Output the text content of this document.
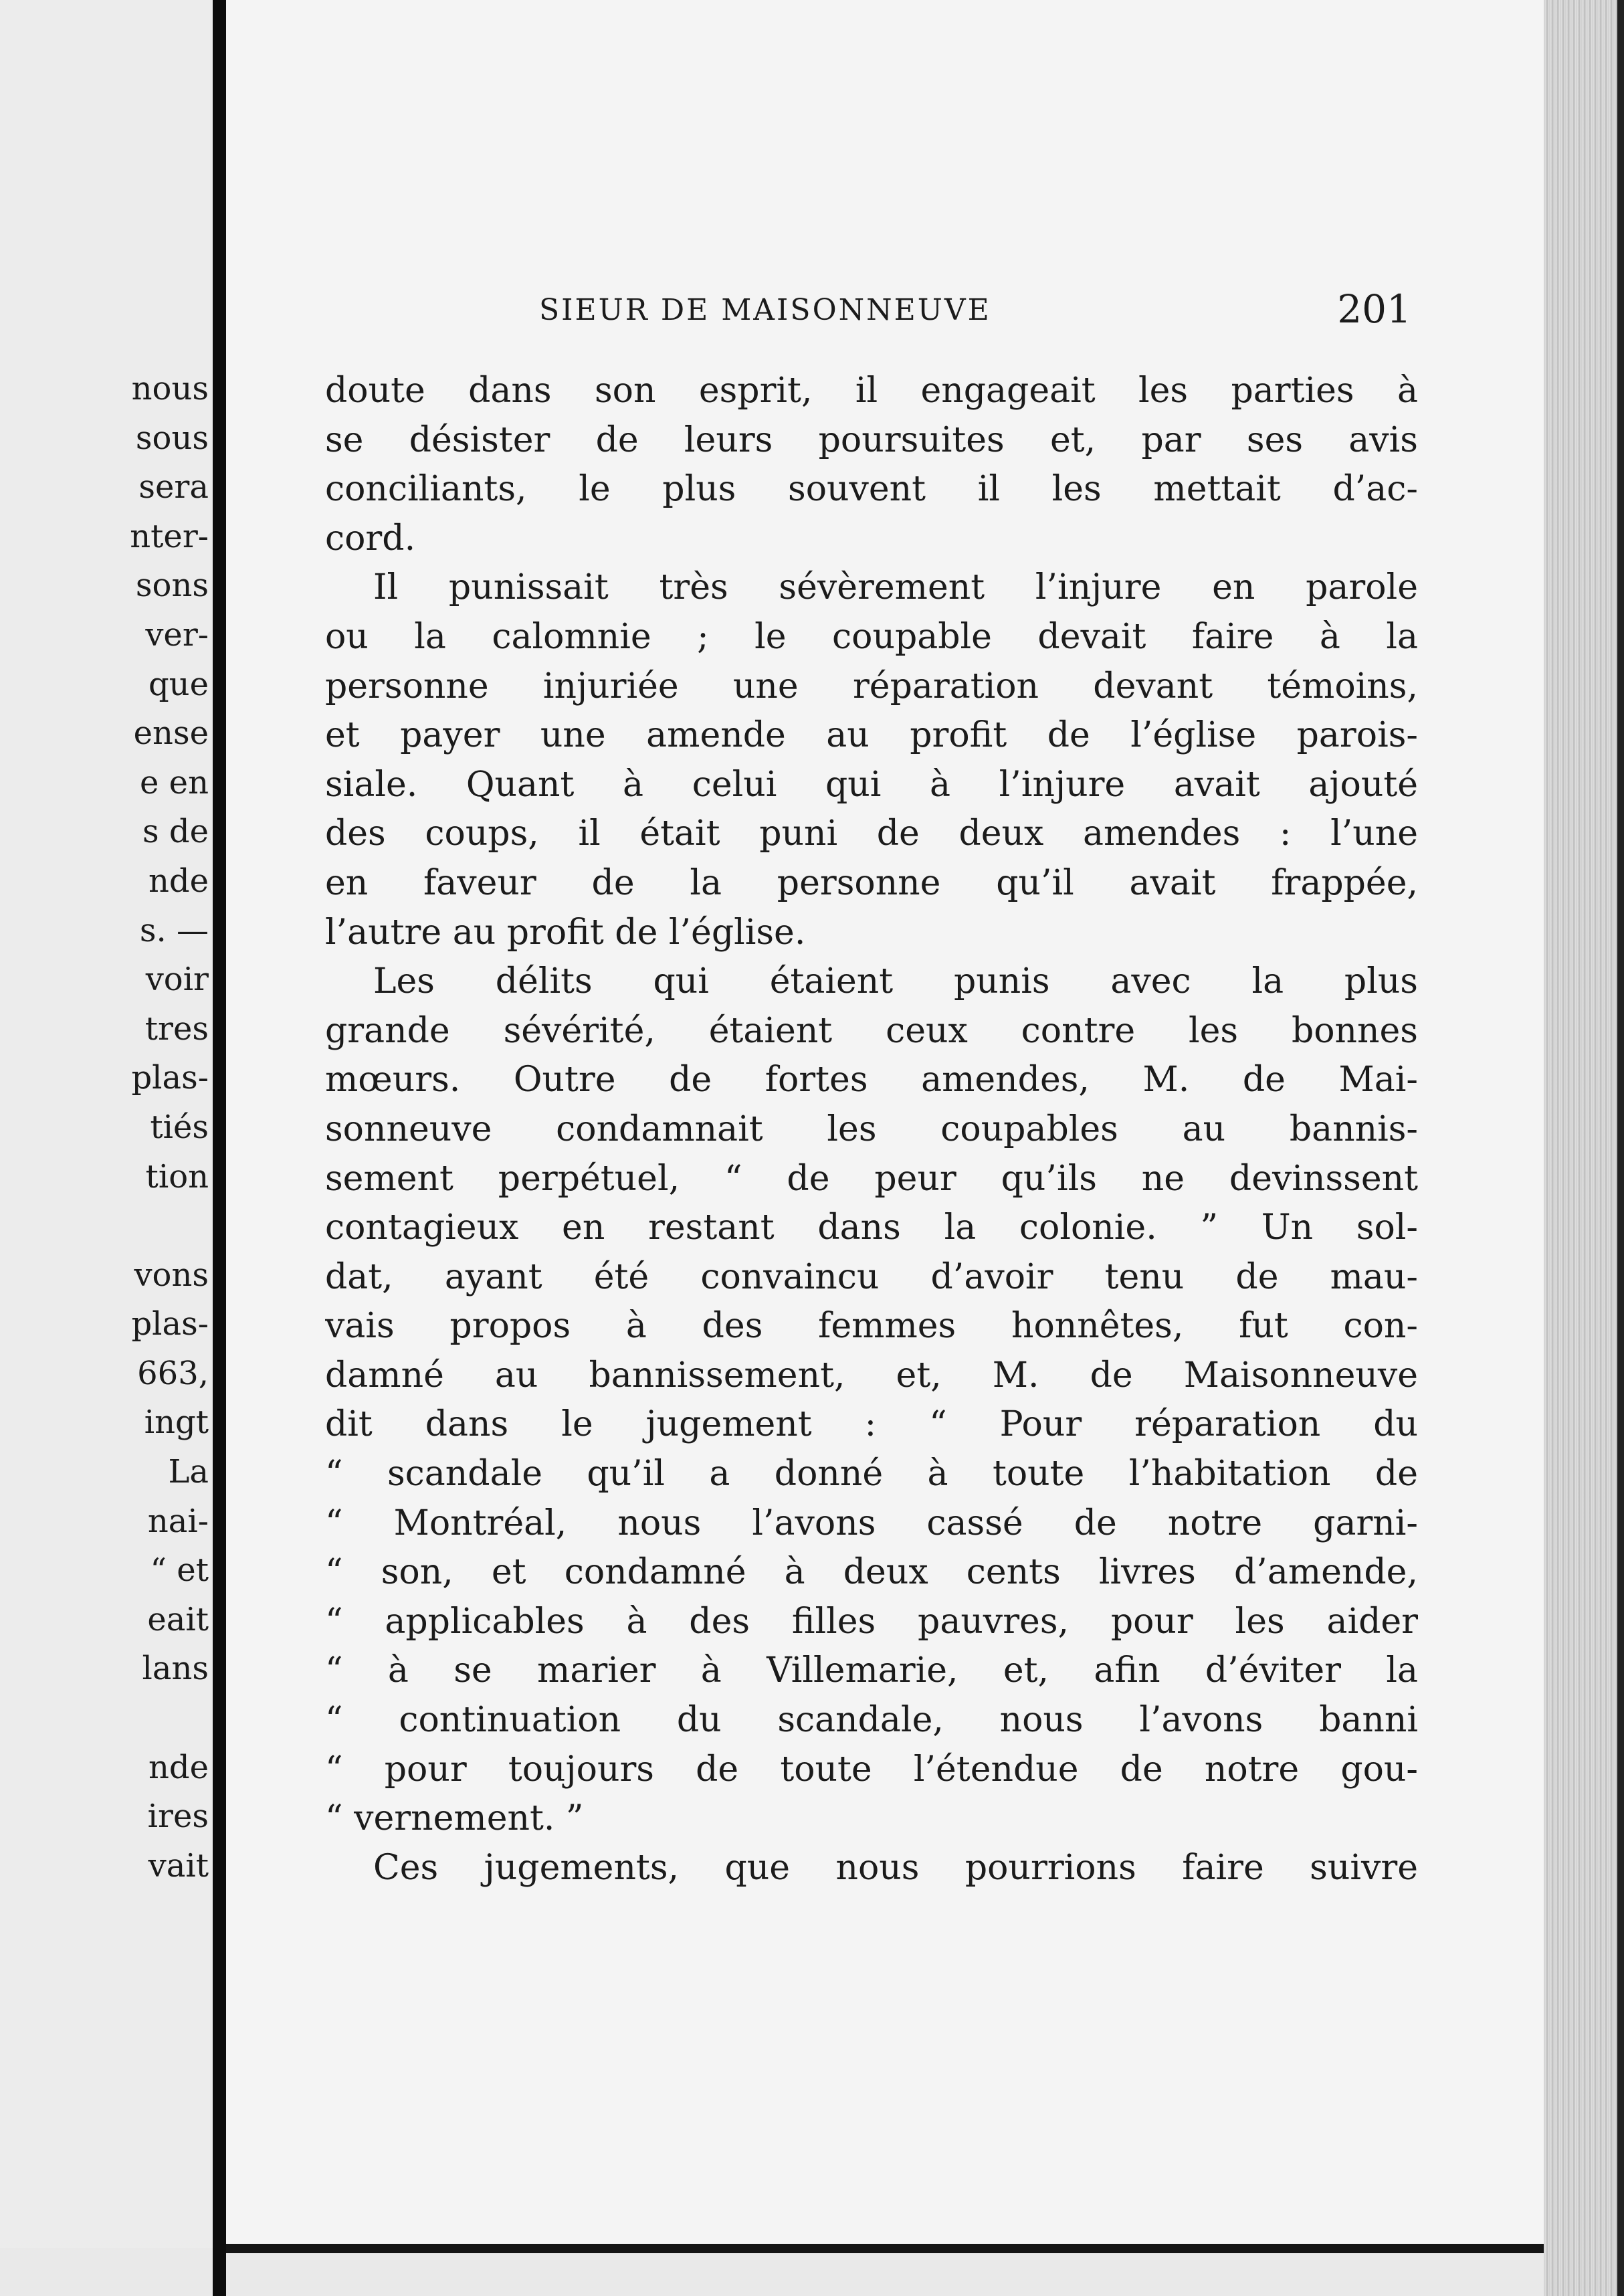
nous
sous
sera
nter-
sons
ver-
que
ense
e en
s de
nde
s. —
voir
tres
plas-
tiés
tion
vons
plas-
663,
ingt
La
nai-
“ et
eait
lans
nde
ires
vait
SIEUR DE MAISONNEUVE	201
doute dans son esprit, il engageait les parties à
se désister de leurs poursuites et, par ses avis
conciliants, le plus souvent il les mettait d’ac-
cord.
Il punissait très sévèrement l’injure en parole
ou la calomnie ; le coupable devait faire à la
personne injuriée une réparation devant témoins,
et payer une amende au profit de l’église parois-
siale. Quant à celui qui à l’injure avait ajouté
des coups, il était puni de deux amendes : l’une
en faveur de la personne qu’il avait frappée,
l’autre au profit de l’église.
Les délits qui étaient punis avec la plus
grande sévérité, étaient ceux contre les bonnes
mœurs. Outre de fortes amendes, M. de Mai-
sonneuve condamnait les coupables au bannis-
sement perpétuel, “ de peur qu’ils ne devinssent
contagieux en restant dans la colonie. ” Un sol-
dat, ayant été convaincu d’avoir tenu de mau-
vais propos à des femmes honnêtes, fut con-
damné au bannissement, et, M. de Maisonneuve
dit dans le jugement : “ Pour réparation du
“ scandale qu’il a donné à toute l’habitation de
“ Montréal, nous l’avons cassé de notre garni-
“ son, et condamné à deux cents livres d’amende,
“ applicables à des filles pauvres, pour les aider
“ à se marier à Villemarie, et, afin d’éviter la
“ continuation du scandale, nous l’avons banni
“ pour toujours de toute l’étendue de notre gou-
“ vernement. ”
Ces jugements, que nous pourrions faire suivre
